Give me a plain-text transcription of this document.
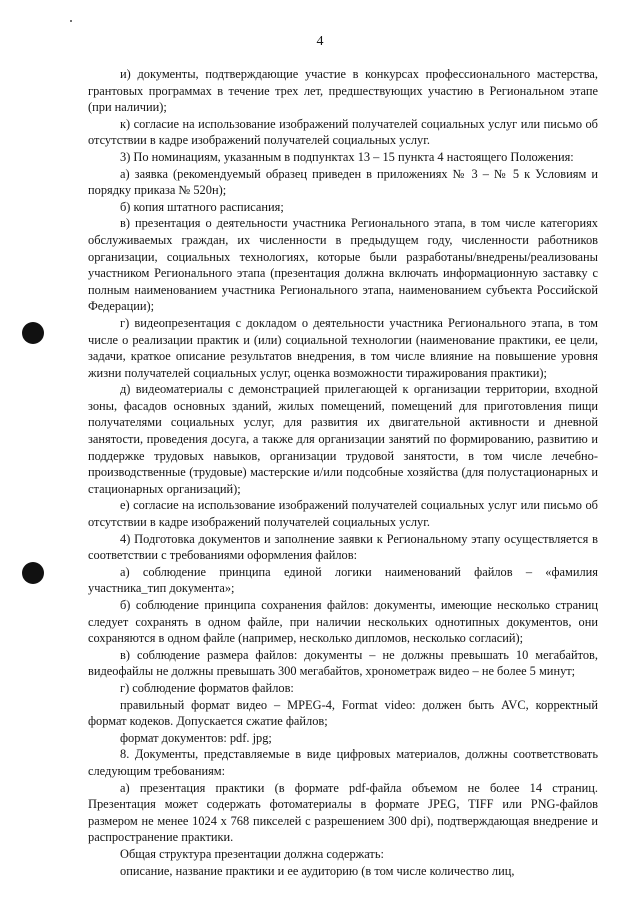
4

и) документы, подтверждающие участие в конкурсах профессионального мастерства, грантовых программах в течение трех лет, предшествующих участию в Региональном этапе (при наличии);

к) согласие на использование изображений получателей социальных услуг или письмо об отсутствии в кадре изображений получателей социальных услуг.

3) По номинациям, указанным в подпунктах 13 – 15 пункта 4 настоящего Положения:

а) заявка (рекомендуемый образец приведен в приложениях № 3 – № 5 к Условиям и порядку приказа № 520н);

б) копия штатного расписания;

в) презентация о деятельности участника Регионального этапа, в том числе категориях обслуживаемых граждан, их численности в предыдущем году, численности работников организации, социальных технологиях, которые были разработаны/внедрены/реализованы участником Регионального этапа (презентация должна включать информационную заставку с полным наименованием участника Регионального этапа, наименованием субъекта Российской Федерации);

г) видеопрезентация с докладом о деятельности участника Регионального этапа, в том числе о реализации практик и (или) социальной технологии (наименование практики, ее цели, задачи, краткое описание результатов внедрения, в том числе влияние на повышение уровня жизни получателей социальных услуг, оценка возможности тиражирования практики);

д) видеоматериалы с демонстрацией прилегающей к организации территории, входной зоны, фасадов основных зданий, жилых помещений, помещений для приготовления пищи получателями социальных услуг, для развития их двигательной активности и дневной занятости, проведения досуга, а также для организации занятий по формированию, развитию и поддержке трудовых навыков, организации трудовой занятости, в том числе лечебно-производственные (трудовые) мастерские и/или подсобные хозяйства (для полустационарных и стационарных организаций);

е) согласие на использование изображений получателей социальных услуг или письмо об отсутствии в кадре изображений получателей социальных услуг.

4) Подготовка документов и заполнение заявки к Региональному этапу осуществляется в соответствии с требованиями оформления файлов:

а) соблюдение принципа единой логики наименований файлов – «фамилия участника_тип документа»;

б) соблюдение принципа сохранения файлов: документы, имеющие несколько страниц следует сохранять в одном файле, при наличии нескольких однотипных документов, они сохраняются в одном файле (например, несколько дипломов, несколько согласий);

в) соблюдение размера файлов: документы – не должны превышать 10 мегабайтов, видеофайлы не должны превышать 300 мегабайтов, хронометраж видео – не более 5 минут;

г) соблюдение форматов файлов:

правильный формат видео – MPEG-4, Format video: должен быть AVC, корректный формат кодеков. Допускается сжатие файлов;

формат документов: pdf. jpg;

8. Документы, представляемые в виде цифровых материалов, должны соответствовать следующим требованиям:

а) презентация практики (в формате pdf-файла объемом не более 14 страниц. Презентация может содержать фотоматериалы в формате JPEG, TIFF или PNG-файлов размером не менее 1024 x 768 пикселей с разрешением 300 dpi), подтверждающая внедрение и распространение практики.

Общая структура презентации должна содержать:

описание, название практики и ее аудиторию (в том числе количество лиц,
